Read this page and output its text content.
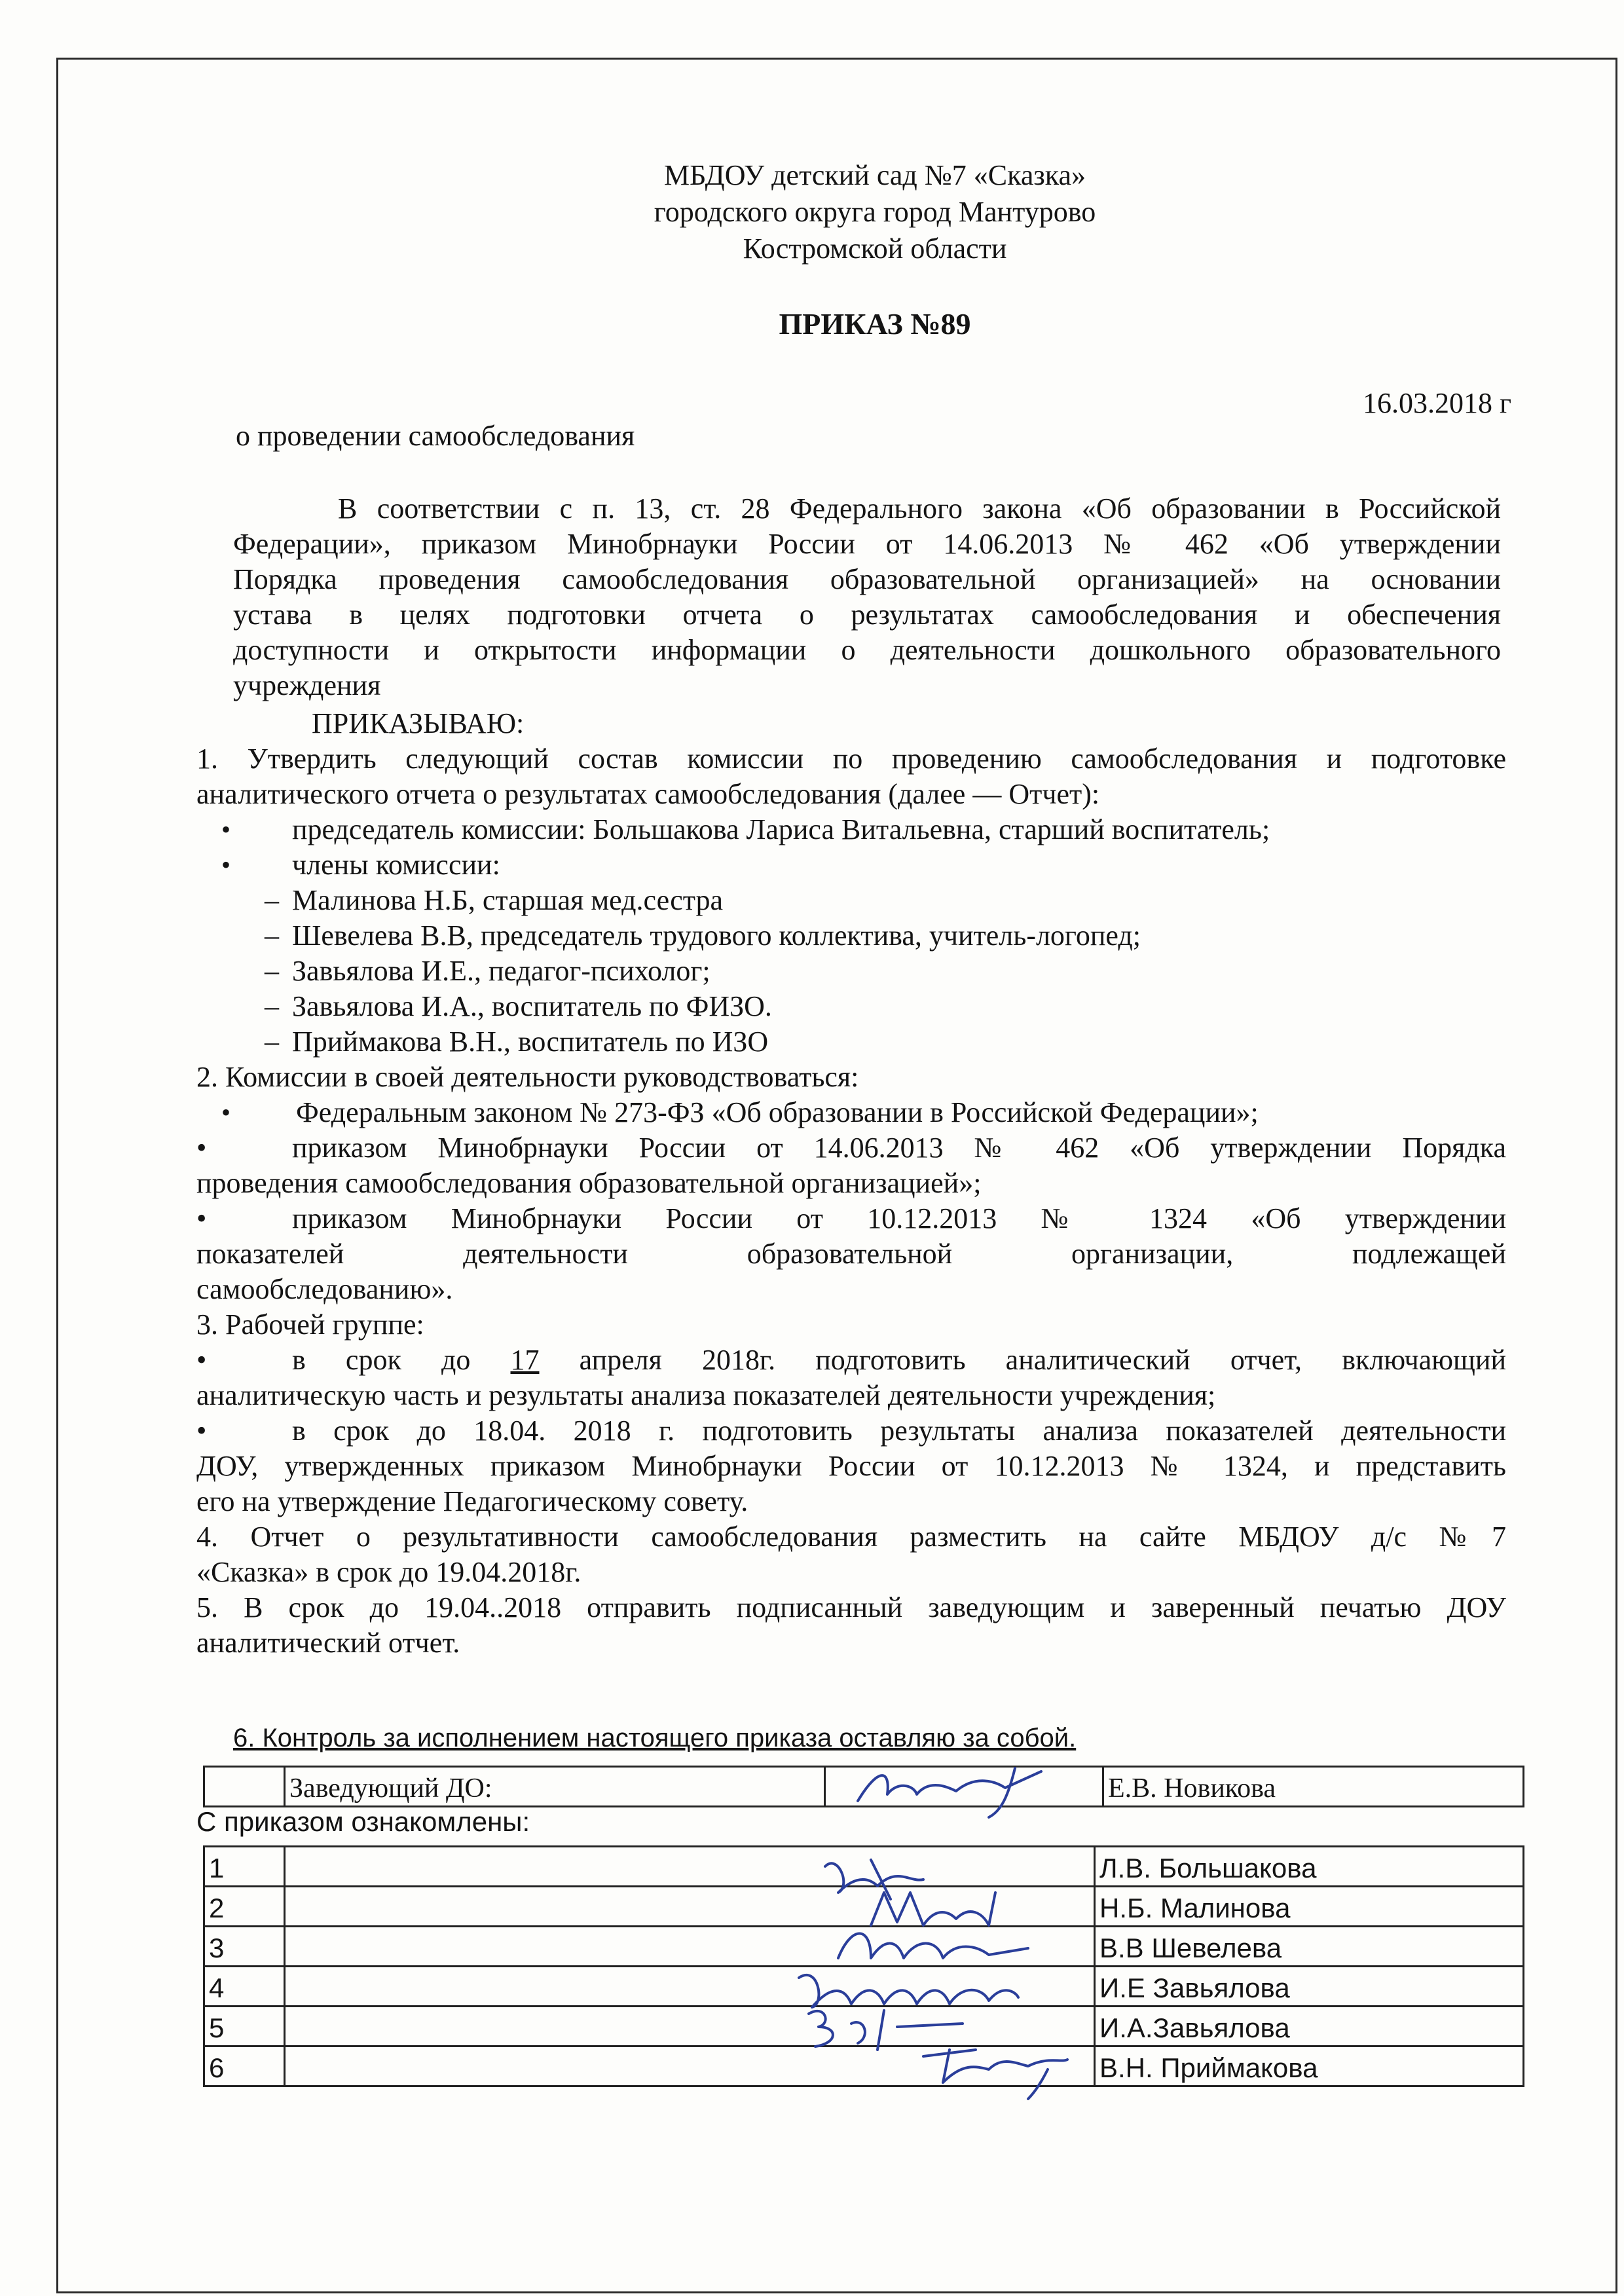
МБДОУ детский сад №7 «Сказка»
городского округа город Мантурово
Костромской области
ПРИКАЗ №89
16.03.2018 г
о проведении самообследования
В соответствии с п. 13, ст. 28 Федерального закона «Об образовании в Российской
Федерации», приказом Минобрнауки России от 14.06.2013 № 462 «Об утверждении
Порядка проведения самообследования образовательной организацией» на основании
устава в целях подготовки отчета о результатах самообследования и обеспечения
доступности и открытости информации о деятельности дошкольного образовательного
учреждения
ПРИКАЗЫВАЮ:
1. Утвердить следующий состав комиссии по проведению самообследования и подготовке
аналитического отчета о результатах самообследования (далее — Отчет):
• председатель комиссии: Большакова Лариса Витальевна, старший воспитатель;
• члены комиссии:
– Малинова Н.Б, старшая мед.сестра
– Шевелева В.В, председатель трудового коллектива, учитель-логопед;
– Завьялова И.Е., педагог-психолог;
– Завьялова И.А., воспитатель по ФИЗО.
– Приймакова В.Н., воспитатель по ИЗО
2. Комиссии в своей деятельности руководствоваться:
• Федеральным законом № 273-ФЗ «Об образовании в Российской Федерации»;
•	приказом Минобрнауки России от 14.06.2013 № 462 «Об утверждении Порядка
проведения самообследования образовательной организацией»;
•	приказом Минобрнауки России от 10.12.2013 № 1324 «Об утверждении
показателей деятельности образовательной организации, подлежащей
самообследованию».
3. Рабочей группе:
•	в срок до 17 апреля 2018г. подготовить аналитический отчет, включающий
аналитическую часть и результаты анализа показателей деятельности учреждения;
•	в срок до 18.04. 2018 г. подготовить результаты анализа показателей деятельности
ДОУ, утвержденных приказом Минобрнауки России от 10.12.2013 № 1324, и представить
его на утверждение Педагогическому совету.
4. Отчет о результативности самообследования разместить на сайте МБДОУ д/с №7
«Сказка» в срок до 19.04.2018г.
5. В срок до 19.04..2018 отправить подписанный заведующим и заверенный печатью ДОУ
аналитический отчет.
6. Контроль за исполнением настоящего приказа оставляю за собой.
	Заведующий ДО:		Е.В. Новикова
С приказом ознакомлены:
1		Л.В. Большакова
2		Н.Б. Малинова
3		В.В Шевелева
4		И.Е Завьялова
5		И.А.Завьялова
6		В.Н. Приймакова
